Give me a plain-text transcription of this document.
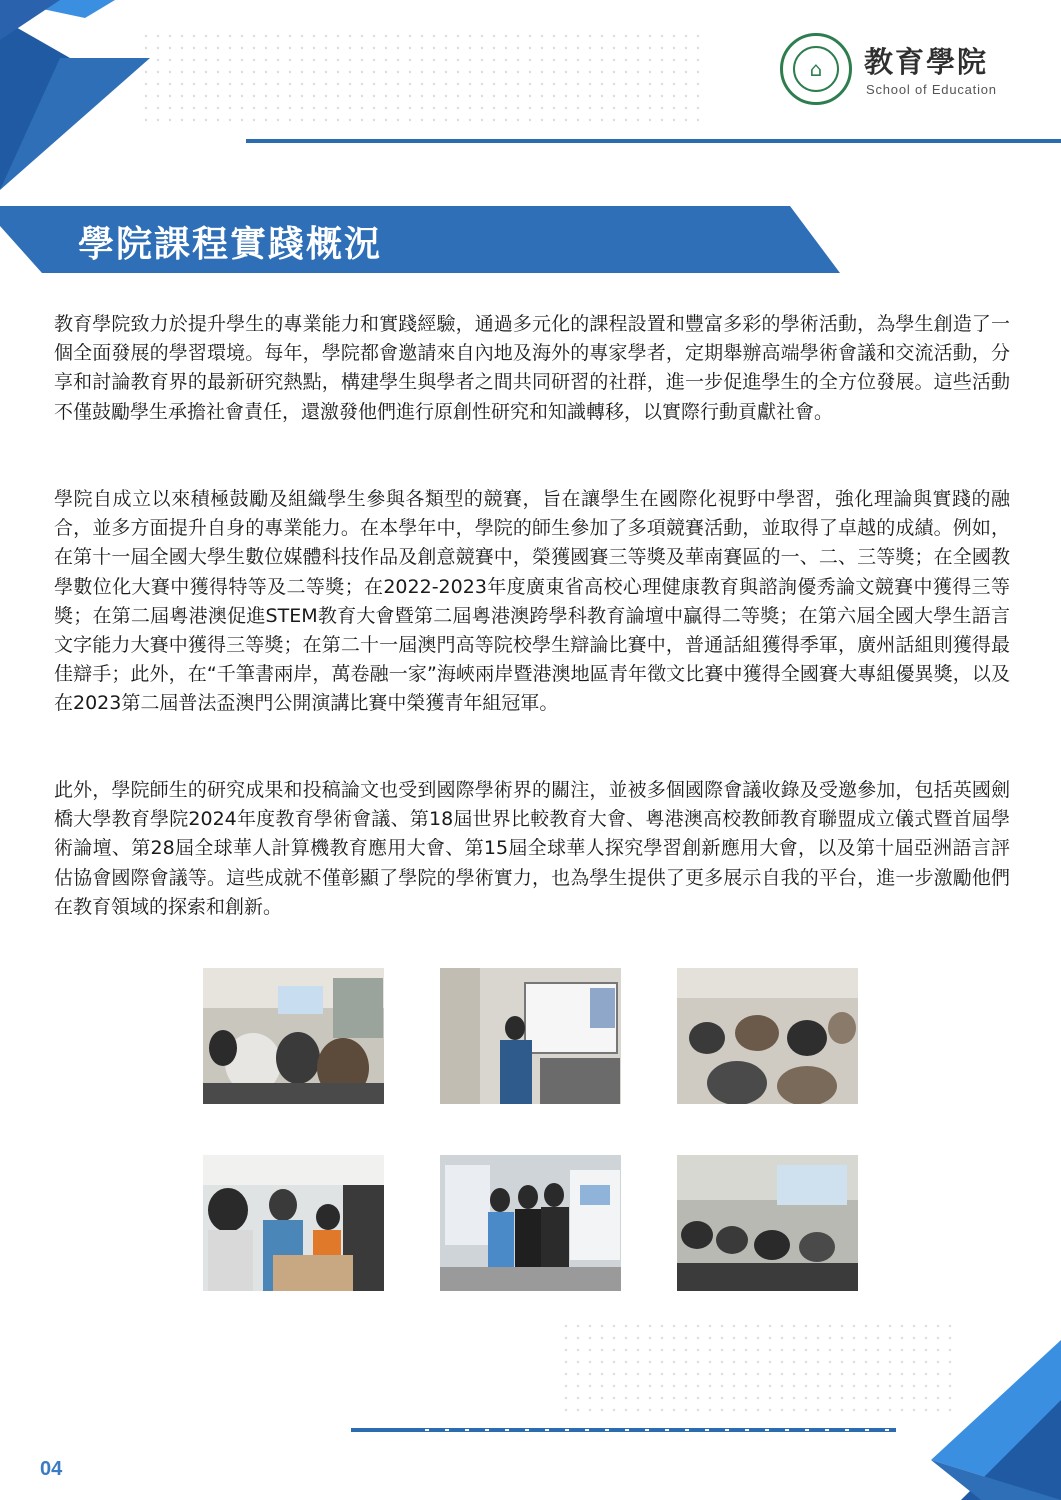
⌂	教育學院
School of Education
學院課程實踐概況

教育學院致力於提升學生的專業能力和實踐經驗，通過多元化的課程設置和豐富多彩的學術活動，為學生創造了一個全面發展的學習環境。每年，學院都會邀請來自內地及海外的專家學者，定期舉辦高端學術會議和交流活動，分享和討論教育界的最新研究熱點，構建學生與學者之間共同研習的社群，進一步促進學生的全方位發展。這些活動不僅鼓勵學生承擔社會責任，還激發他們進行原創性研究和知識轉移，以實際行動貢獻社會。

學院自成立以來積極鼓勵及組織學生參與各類型的競賽，旨在讓學生在國際化視野中學習，強化理論與實踐的融合，並多方面提升自身的專業能力。在本學年中，學院的師生參加了多項競賽活動，並取得了卓越的成績。例如，在第十一屆全國大學生數位媒體科技作品及創意競賽中，榮獲國賽三等獎及華南賽區的一、二、三等獎；在全國教學數位化大賽中獲得特等及二等獎；在2022-2023年度廣東省高校心理健康教育與諮詢優秀論文競賽中獲得三等獎；在第二屆粵港澳促進STEM教育大會暨第二屆粵港澳跨學科教育論壇中贏得二等獎；在第六屆全國大學生語言文字能力大賽中獲得三等獎；在第二十一屆澳門高等院校學生辯論比賽中，普通話組獲得季軍，廣州話組則獲得最佳辯手；此外，在“千筆書兩岸，萬卷融一家”海峽兩岸暨港澳地區青年徵文比賽中獲得全國賽大專組優異獎，以及在2023第二屆普法盃澳門公開演講比賽中榮獲青年組冠軍。

此外，學院師生的研究成果和投稿論文也受到國際學術界的關注，並被多個國際會議收錄及受邀參加，包括英國劍橋大學教育學院2024年度教育學術會議、第18屆世界比較教育大會、粵港澳高校教師教育聯盟成立儀式暨首屆學術論壇、第28屆全球華人計算機教育應用大會、第15屆全球華人探究學習創新應用大會，以及第十屆亞洲語言評估協會國際會議等。這些成就不僅彰顯了學院的學術實力，也為學生提供了更多展示自我的平台，進一步激勵他們在教育領域的探索和創新。

04
